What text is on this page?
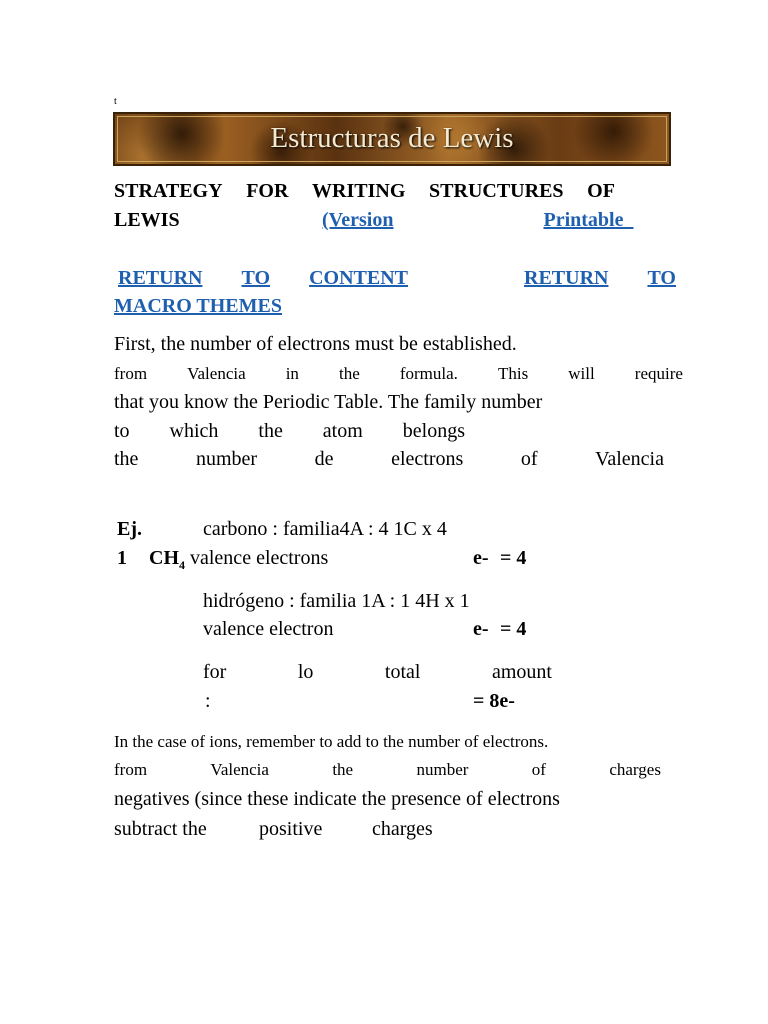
t
Estructuras de Lewis
STRATEGY FOR WRITING STRUCTURES OF
LEWIS	(Version	Printable
RETURN TO CONTENT	RETURN TO
MACRO THEMES
First, the number of electrons must be established.
from Valencia in the formula. This will require
that you know the Periodic Table. The family number
to which the atom belongs
the	number	de	electrons	of	Valencia
Ej.
1 $CH_4$
carbono : familia4A : 4 1C x 4
valence electrons	e- = 4
hidrógeno : familia 1A : 1 4H x 1
valence electron	e- = 4
for	lo	total	amount
:	= 8e-
In the case of ions, remember to add to the number of electrons.
from	Valencia	the	number	of	charges
negatives (since these indicate the presence of electrons
subtract the	positive charges
